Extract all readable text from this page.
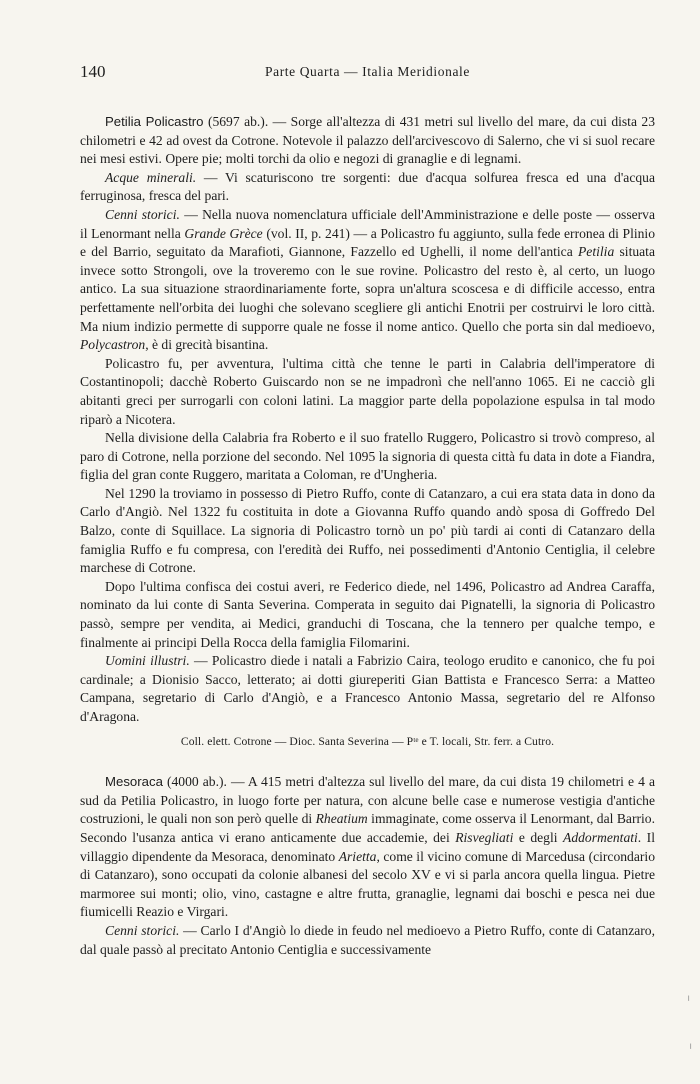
140	Parte Quarta — Italia Meridionale

Petilia Policastro (5697 ab.). — Sorge all'altezza di 431 metri sul livello del mare, da cui dista 23 chilometri e 42 ad ovest da Cotrone. Notevole il palazzo dell'arcivescovo di Salerno, che vi si suol recare nei mesi estivi. Opere pie; molti torchi da olio e negozi di granaglie e di legnami.

Acque minerali. — Vi scaturiscono tre sorgenti: due d'acqua solfurea fresca ed una d'acqua ferruginosa, fresca del pari.

Cenni storici. — Nella nuova nomenclatura ufficiale dell'Amministrazione e delle poste — osserva il Lenormant nella Grande Grèce (vol. II, p. 241) — a Policastro fu aggiunto, sulla fede erronea di Plinio e del Barrio, seguitato da Marafioti, Giannone, Fazzello ed Ughelli, il nome dell'antica Petilia situata invece sotto Strongoli, ove la troveremo con le sue rovine. Policastro del resto è, al certo, un luogo antico. La sua situazione straordinariamente forte, sopra un'altura scoscesa e di difficile accesso, entra perfettamente nell'orbita dei luoghi che solevano scegliere gli antichi Enotrii per costruirvi le loro città. Ma nium indizio permette di supporre quale ne fosse il nome antico. Quello che porta sin dal medioevo, Polycastron, è di grecità bisantina.

Policastro fu, per avventura, l'ultima città che tenne le parti in Calabria dell'imperatore di Costantinopoli; dacchè Roberto Guiscardo non se ne impadronì che nell'anno 1065. Ei ne cacciò gli abitanti greci per surrogarli con coloni latini. La maggior parte della popolazione espulsa in tal modo riparò a Nicotera.

Nella divisione della Calabria fra Roberto e il suo fratello Ruggero, Policastro si trovò compreso, al paro di Cotrone, nella porzione del secondo. Nel 1095 la signoria di questa città fu data in dote a Fiandra, figlia del gran conte Ruggero, maritata a Coloman, re d'Ungheria.

Nel 1290 la troviamo in possesso di Pietro Ruffo, conte di Catanzaro, a cui era stata data in dono da Carlo d'Angiò. Nel 1322 fu costituita in dote a Giovanna Ruffo quando andò sposa di Goffredo Del Balzo, conte di Squillace. La signoria di Policastro tornò un po' più tardi ai conti di Catanzaro della famiglia Ruffo e fu compresa, con l'eredità dei Ruffo, nei possedimenti d'Antonio Centiglia, il celebre marchese di Cotrone.

Dopo l'ultima confisca dei costui averi, re Federico diede, nel 1496, Policastro ad Andrea Caraffa, nominato da lui conte di Santa Severina. Comperata in seguito dai Pignatelli, la signoria di Policastro passò, sempre per vendita, ai Medici, granduchi di Toscana, che la tennero per qualche tempo, e finalmente ai principi Della Rocca della famiglia Filomarini.

Uomini illustri. — Policastro diede i natali a Fabrizio Caira, teologo erudito e canonico, che fu poi cardinale; a Dionisio Sacco, letterato; ai dotti giureperiti Gian Battista e Francesco Serra: a Matteo Campana, segretario di Carlo d'Angiò, e a Francesco Antonio Massa, segretario del re Alfonso d'Aragona.

Coll. elett. Cotrone — Dioc. Santa Severina — Pᵗᵉ e T. locali, Str. ferr. a Cutro.

Mesoraca (4000 ab.). — A 415 metri d'altezza sul livello del mare, da cui dista 19 chilometri e 4 a sud da Petilia Policastro, in luogo forte per natura, con alcune belle case e numerose vestigia d'antiche costruzioni, le quali non son però quelle di Rheatium immaginate, come osserva il Lenormant, dal Barrio. Secondo l'usanza antica vi erano anticamente due accademie, dei Risvegliati e degli Addormentati. Il villaggio dipendente da Mesoraca, denominato Arietta, come il vicino comune di Marcedusa (circondario di Catanzaro), sono occupati da colonie albanesi del secolo XV e vi si parla ancora quella lingua. Pietre marmoree sui monti; olio, vino, castagne e altre frutta, granaglie, legnami dai boschi e pesca nei due fiumicelli Reazio e Virgari.

Cenni storici. — Carlo I d'Angiò lo diede in feudo nel medioevo a Pietro Ruffo, conte di Catanzaro, dal quale passò al precitato Antonio Centiglia e successivamente

╵
╵
